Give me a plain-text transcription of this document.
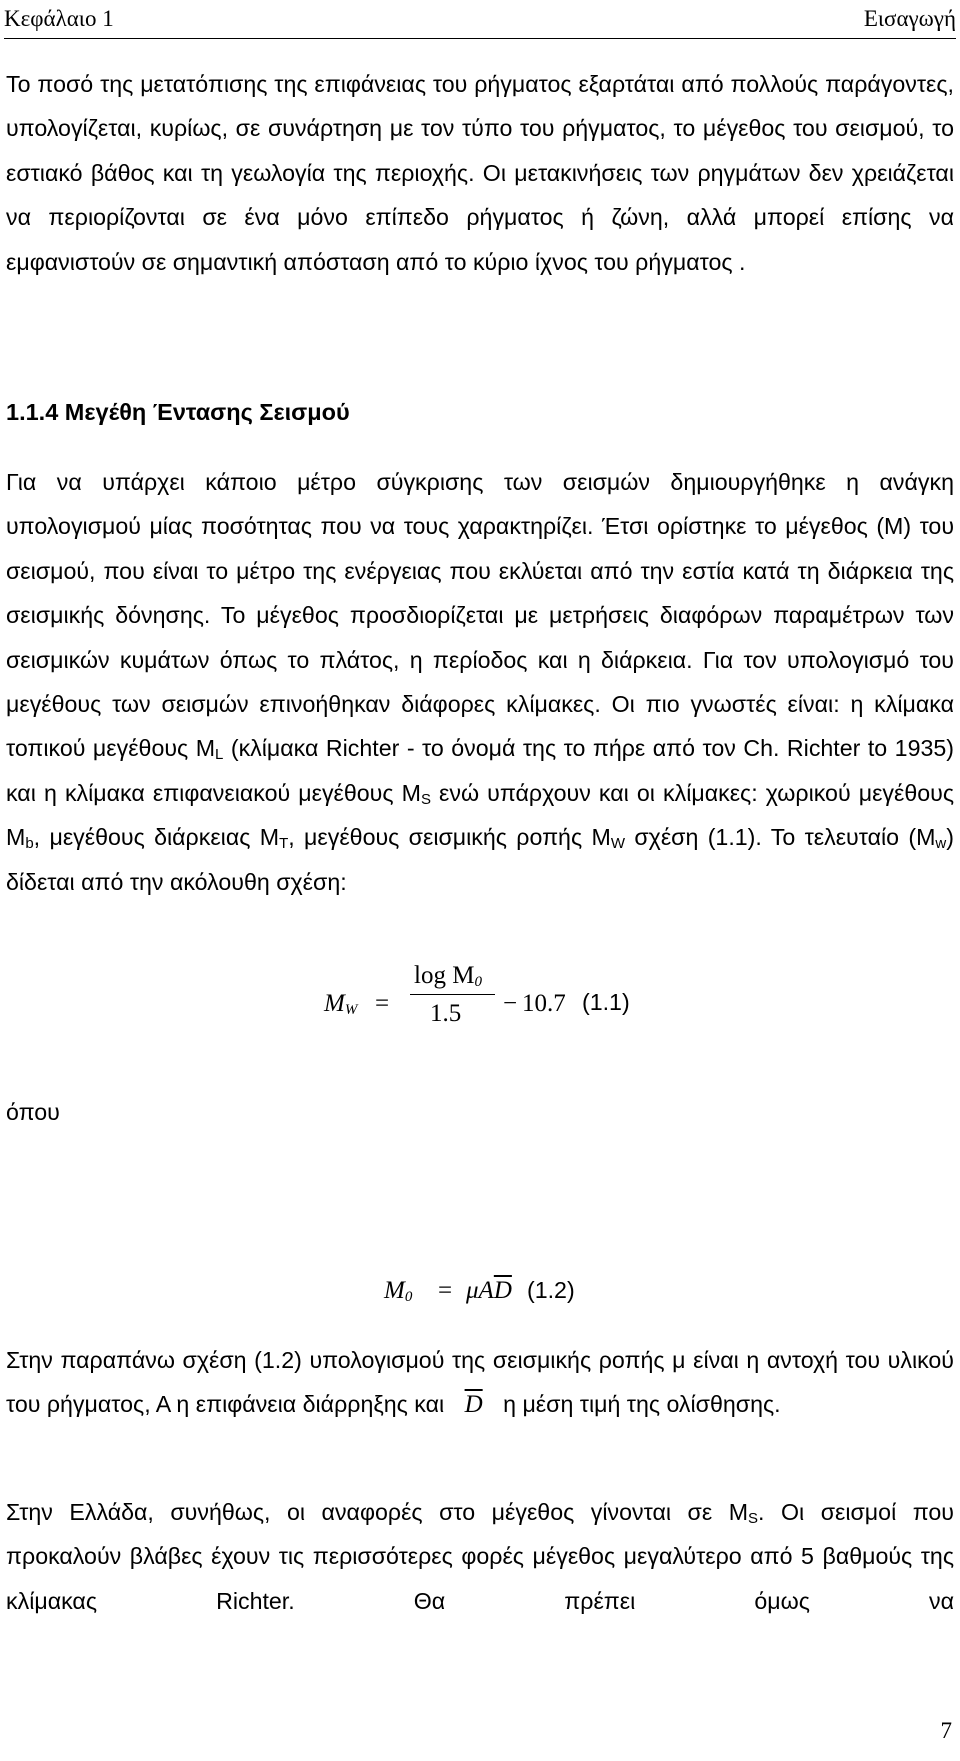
Κεφάλαιο 1	Εισαγωγή

Το ποσό της μετατόπισης της επιφάνειας του ρήγματος εξαρτάται από πολλούς παράγοντες, υπολογίζεται, κυρίως, σε συνάρτηση με τον τύπο του ρήγματος, το μέγεθος του σεισμού, το εστιακό βάθος και τη γεωλογία της περιοχής. Οι μετακινήσεις των ρηγμάτων δεν χρειάζεται να περιορίζονται σε ένα μόνο επίπεδο ρήγματος ή ζώνη, αλλά μπορεί επίσης να εμφανιστούν σε σημαντική απόσταση από το κύριο ίχνος του ρήγματος .

1.1.4 Μεγέθη Έντασης Σεισμού

Για να υπάρχει κάποιο μέτρο σύγκρισης των σεισμών δημιουργήθηκε η ανάγκη υπολογισμού μίας ποσότητας που να τους χαρακτηρίζει. Έτσι ορίστηκε το μέγεθος (Μ) του σεισμού, που είναι το μέτρο της ενέργειας που εκλύεται από την εστία κατά τη διάρκεια της σεισμικής δόνησης. Το μέγεθος προσδιορίζεται με μετρήσεις διαφόρων παραμέτρων των σεισμικών κυμάτων όπως το πλάτος, η περίοδος και η διάρκεια. Για τον υπολογισμό του μεγέθους των σεισμών επινοήθηκαν διάφορες κλίμακες. Οι πιο γνωστές είναι: η κλίμακα τοπικού μεγέθους $M_L$ (κλίμακα Richter - το όνομά της το πήρε από τον Ch. Richter to 1935) και η κλίμακα επιφανειακού μεγέθους $M_S$ ενώ υπάρχουν και οι κλίμακες: χωρικού μεγέθους $M_b$, μεγέθους διάρκειας $M_T$, μεγέθους σεισμικής ροπής $M_W$ σχέση (1.1). Το τελευταίο $(M_w)$ δίδεται από την ακόλουθη σχέση:

$M_W$ =
$\log M_0$
1.5 − 10.7 (1.1)

όπου

$M_0 = \mu A\overline{D}$ (1.2)

Στην παραπάνω σχέση (1.2) υπολογισμού της σεισμικής ροπής μ είναι η αντοχή του υλικού του ρήγματος, Α η επιφάνεια διάρρηξης και $\overline{D}$ η μέση τιμή της ολίσθησης.

Στην Ελλάδα, συνήθως, οι αναφορές στο μέγεθος γίνονται σε $M_S$. Οι σεισμοί που προκαλούν βλάβες έχουν τις περισσότερες φορές μέγεθος μεγαλύτερο από 5 βαθμούς της κλίμακας Richter. Θα πρέπει όμως να

7
